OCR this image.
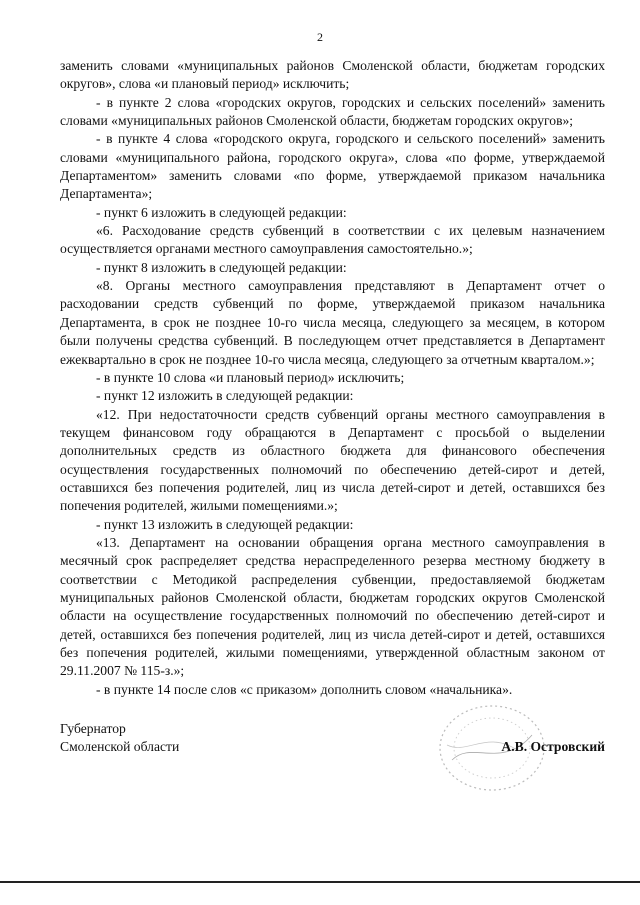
2

заменить словами «муниципальных районов Смоленской области, бюджетам городских округов», слова «и плановый период» исключить;

- в пункте 2 слова «городских округов, городских и сельских поселений» заменить словами «муниципальных районов Смоленской области, бюджетам городских округов»;

- в пункте 4 слова «городского округа, городского и сельского поселений» заменить словами «муниципального района, городского округа», слова «по форме, утверждаемой Департаментом» заменить словами «по форме, утверждаемой приказом начальника Департамента»;

- пункт 6 изложить в следующей редакции:

«6. Расходование средств субвенций в соответствии с их целевым назначением осуществляется органами местного самоуправления самостоятельно.»;

- пункт 8 изложить в следующей редакции:

«8. Органы местного самоуправления представляют в Департамент отчет о расходовании средств субвенций по форме, утверждаемой приказом начальника Департамента, в срок не позднее 10-го числа месяца, следующего за месяцем, в котором были получены средства субвенций. В последующем отчет представляется в Департамент ежеквартально в срок не позднее 10-го числа месяца, следующего за отчетным кварталом.»;

- в пункте 10 слова «и плановый период» исключить;

- пункт 12 изложить в следующей редакции:

«12. При недостаточности средств субвенций органы местного самоуправления в текущем финансовом году обращаются в Департамент с просьбой о выделении дополнительных средств из областного бюджета для финансового обеспечения осуществления государственных полномочий по обеспечению детей-сирот и детей, оставшихся без попечения родителей, лиц из числа детей-сирот и детей, оставшихся без попечения родителей, жилыми помещениями.»;

- пункт 13 изложить в следующей редакции:

«13. Департамент на основании обращения органа местного самоуправления в месячный срок распределяет средства нераспределенного резерва местному бюджету в соответствии с Методикой распределения субвенции, предоставляемой бюджетам муниципальных районов Смоленской области, бюджетам городских округов Смоленской области на осуществление государственных полномочий по обеспечению детей-сирот и детей, оставшихся без попечения родителей, лиц из числа детей-сирот и детей, оставшихся без попечения родителей, жилыми помещениями, утвержденной областным законом от 29.11.2007 № 115-з.»;

- в пункте 14 после слов «с приказом» дополнить словом «начальника».

Губернатор
Смоленской области	А.В. Островский
